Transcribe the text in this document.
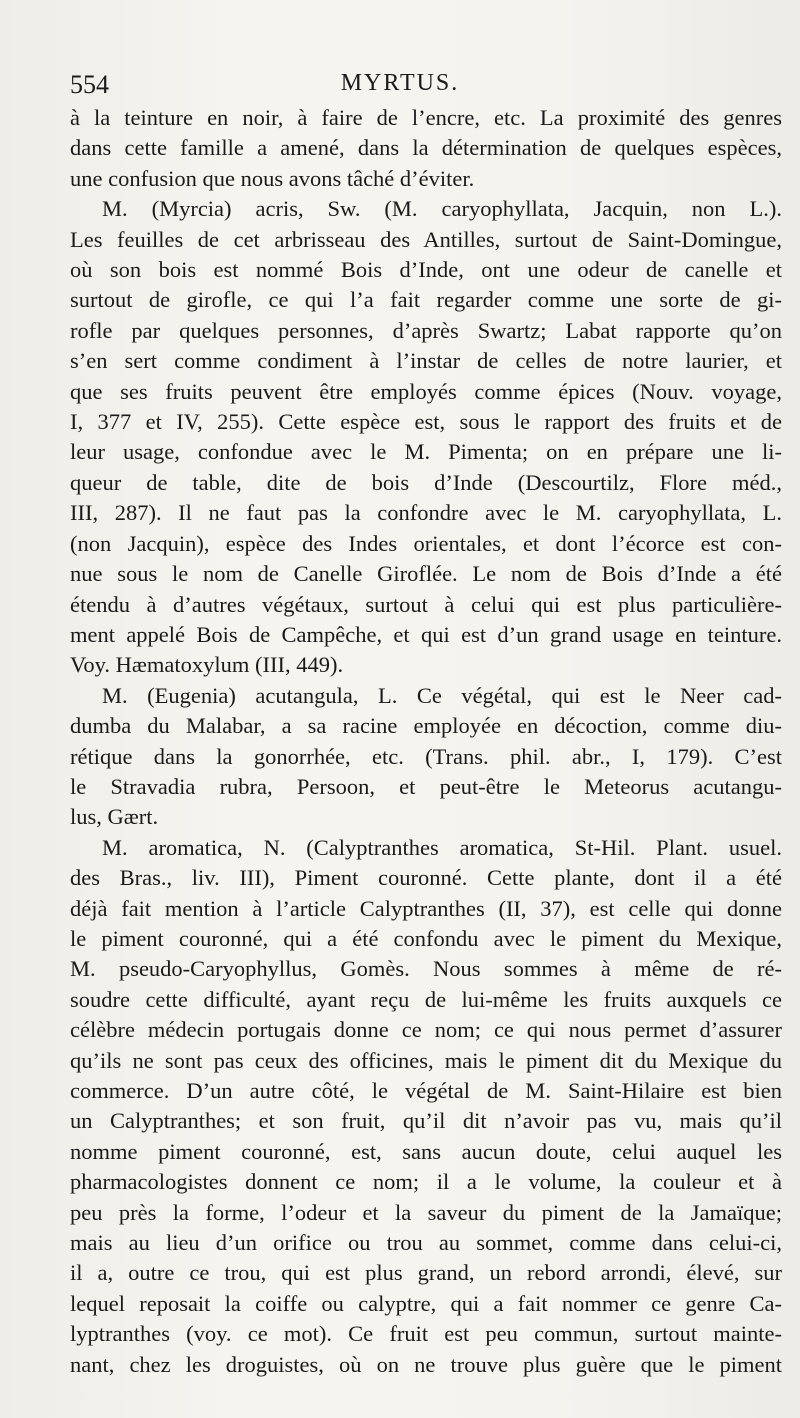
554	MYRTUS.
à la teinture en noir, à faire de l’encre, etc. La proximité des genres
dans cette famille a amené, dans la détermination de quelques espèces,
une confusion que nous avons tâché d’éviter.
M. (Myrcia) acris, Sw. (M. caryophyllata, Jacquin, non L.).
Les feuilles de cet arbrisseau des Antilles, surtout de Saint-Domingue,
où son bois est nommé Bois d’Inde, ont une odeur de canelle et
surtout de girofle, ce qui l’a fait regarder comme une sorte de gi-
rofle par quelques personnes, d’après Swartz; Labat rapporte qu’on
s’en sert comme condiment à l’instar de celles de notre laurier, et
que ses fruits peuvent être employés comme épices (Nouv. voyage,
I, 377 et IV, 255). Cette espèce est, sous le rapport des fruits et de
leur usage, confondue avec le M. Pimenta; on en prépare une li-
queur de table, dite de bois d’Inde (Descourtilz, Flore méd.,
III, 287). Il ne faut pas la confondre avec le M. caryophyllata, L.
(non Jacquin), espèce des Indes orientales, et dont l’écorce est con-
nue sous le nom de Canelle Giroflée. Le nom de Bois d’Inde a été
étendu à d’autres végétaux, surtout à celui qui est plus particulière-
ment appelé Bois de Campêche, et qui est d’un grand usage en teinture.
Voy. Hæmatoxylum (III, 449).
M. (Eugenia) acutangula, L. Ce végétal, qui est le Neer cad-
dumba du Malabar, a sa racine employée en décoction, comme diu-
rétique dans la gonorrhée, etc. (Trans. phil. abr., I, 179). C’est
le Stravadia rubra, Persoon, et peut-être le Meteorus acutangu-
lus, Gært.
M. aromatica, N. (Calyptranthes aromatica, St-Hil. Plant. usuel.
des Bras., liv. III), Piment couronné. Cette plante, dont il a été
déjà fait mention à l’article Calyptranthes (II, 37), est celle qui donne
le piment couronné, qui a été confondu avec le piment du Mexique,
M. pseudo-Caryophyllus, Gomès. Nous sommes à même de ré-
soudre cette difficulté, ayant reçu de lui-même les fruits auxquels ce
célèbre médecin portugais donne ce nom; ce qui nous permet d’assurer
qu’ils ne sont pas ceux des officines, mais le piment dit du Mexique du
commerce. D’un autre côté, le végétal de M. Saint-Hilaire est bien
un Calyptranthes; et son fruit, qu’il dit n’avoir pas vu, mais qu’il
nomme piment couronné, est, sans aucun doute, celui auquel les
pharmacologistes donnent ce nom; il a le volume, la couleur et à
peu près la forme, l’odeur et la saveur du piment de la Jamaïque;
mais au lieu d’un orifice ou trou au sommet, comme dans celui-ci,
il a, outre ce trou, qui est plus grand, un rebord arrondi, élevé, sur
lequel reposait la coiffe ou calyptre, qui a fait nommer ce genre Ca-
lyptranthes (voy. ce mot). Ce fruit est peu commun, surtout mainte-
nant, chez les droguistes, où on ne trouve plus guère que le piment
